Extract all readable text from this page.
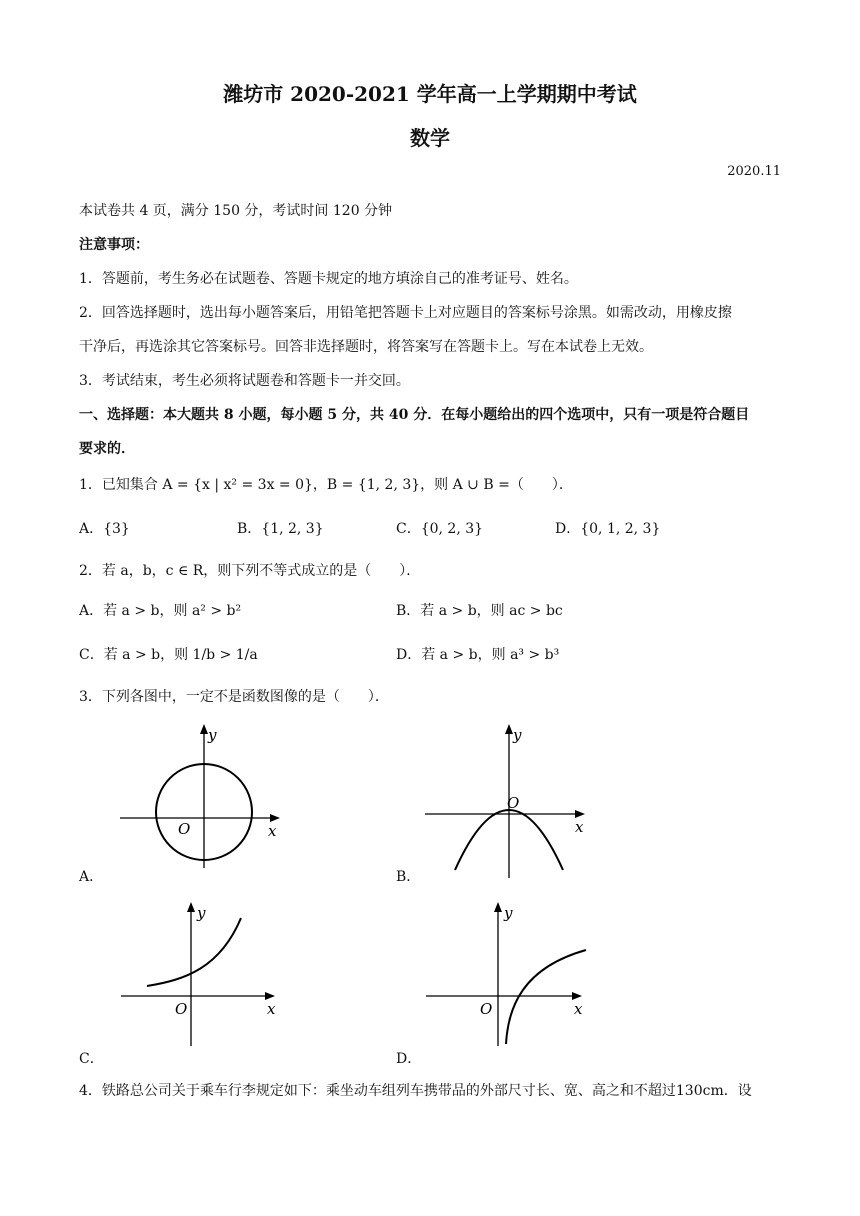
潍坊市 2020-2021 学年高一上学期期中考试
数学
2020.11
本试卷共 4 页，满分 150 分，考试时间 120 分钟
注意事项：
1．答题前，考生务必在试题卷、答题卡规定的地方填涂自己的准考证号、姓名。
2．回答选择题时，选出每小题答案后，用铅笔把答题卡上对应题目的答案标号涂黑。如需改动，用橡皮擦
干净后，再选涂其它答案标号。回答非选择题时，将答案写在答题卡上。写在本试卷上无效。
3．考试结束，考生必须将试题卷和答题卡一并交回。
一、选择题：本大题共 8 小题，每小题 5 分，共 40 分．在每小题给出的四个选项中，只有一项是符合题目
要求的．
1．已知集合 A = {x | x² = 3x = 0}，B = {1, 2, 3}，则 A ∪ B =（　　）．
A．{3}	B．{1, 2, 3}	C．{0, 2, 3}	D．{0, 1, 2, 3}
2．若 a，b，c ∈ R，则下列不等式成立的是（　　）．
A．若 a > b，则 a² > b²	B．若 a > b，则 ac > bc
C．若 a > b，则 1/b > 1/a	D．若 a > b，则 a³ > b³
3．下列各图中，一定不是函数图像的是（　　）．
x
y
O
A．
x
y
O
B．
x
y
O
C．
x
y
O
D．
4．铁路总公司关于乘车行李规定如下：乘坐动车组列车携带品的外部尺寸长、宽、高之和不超过130cm．设
